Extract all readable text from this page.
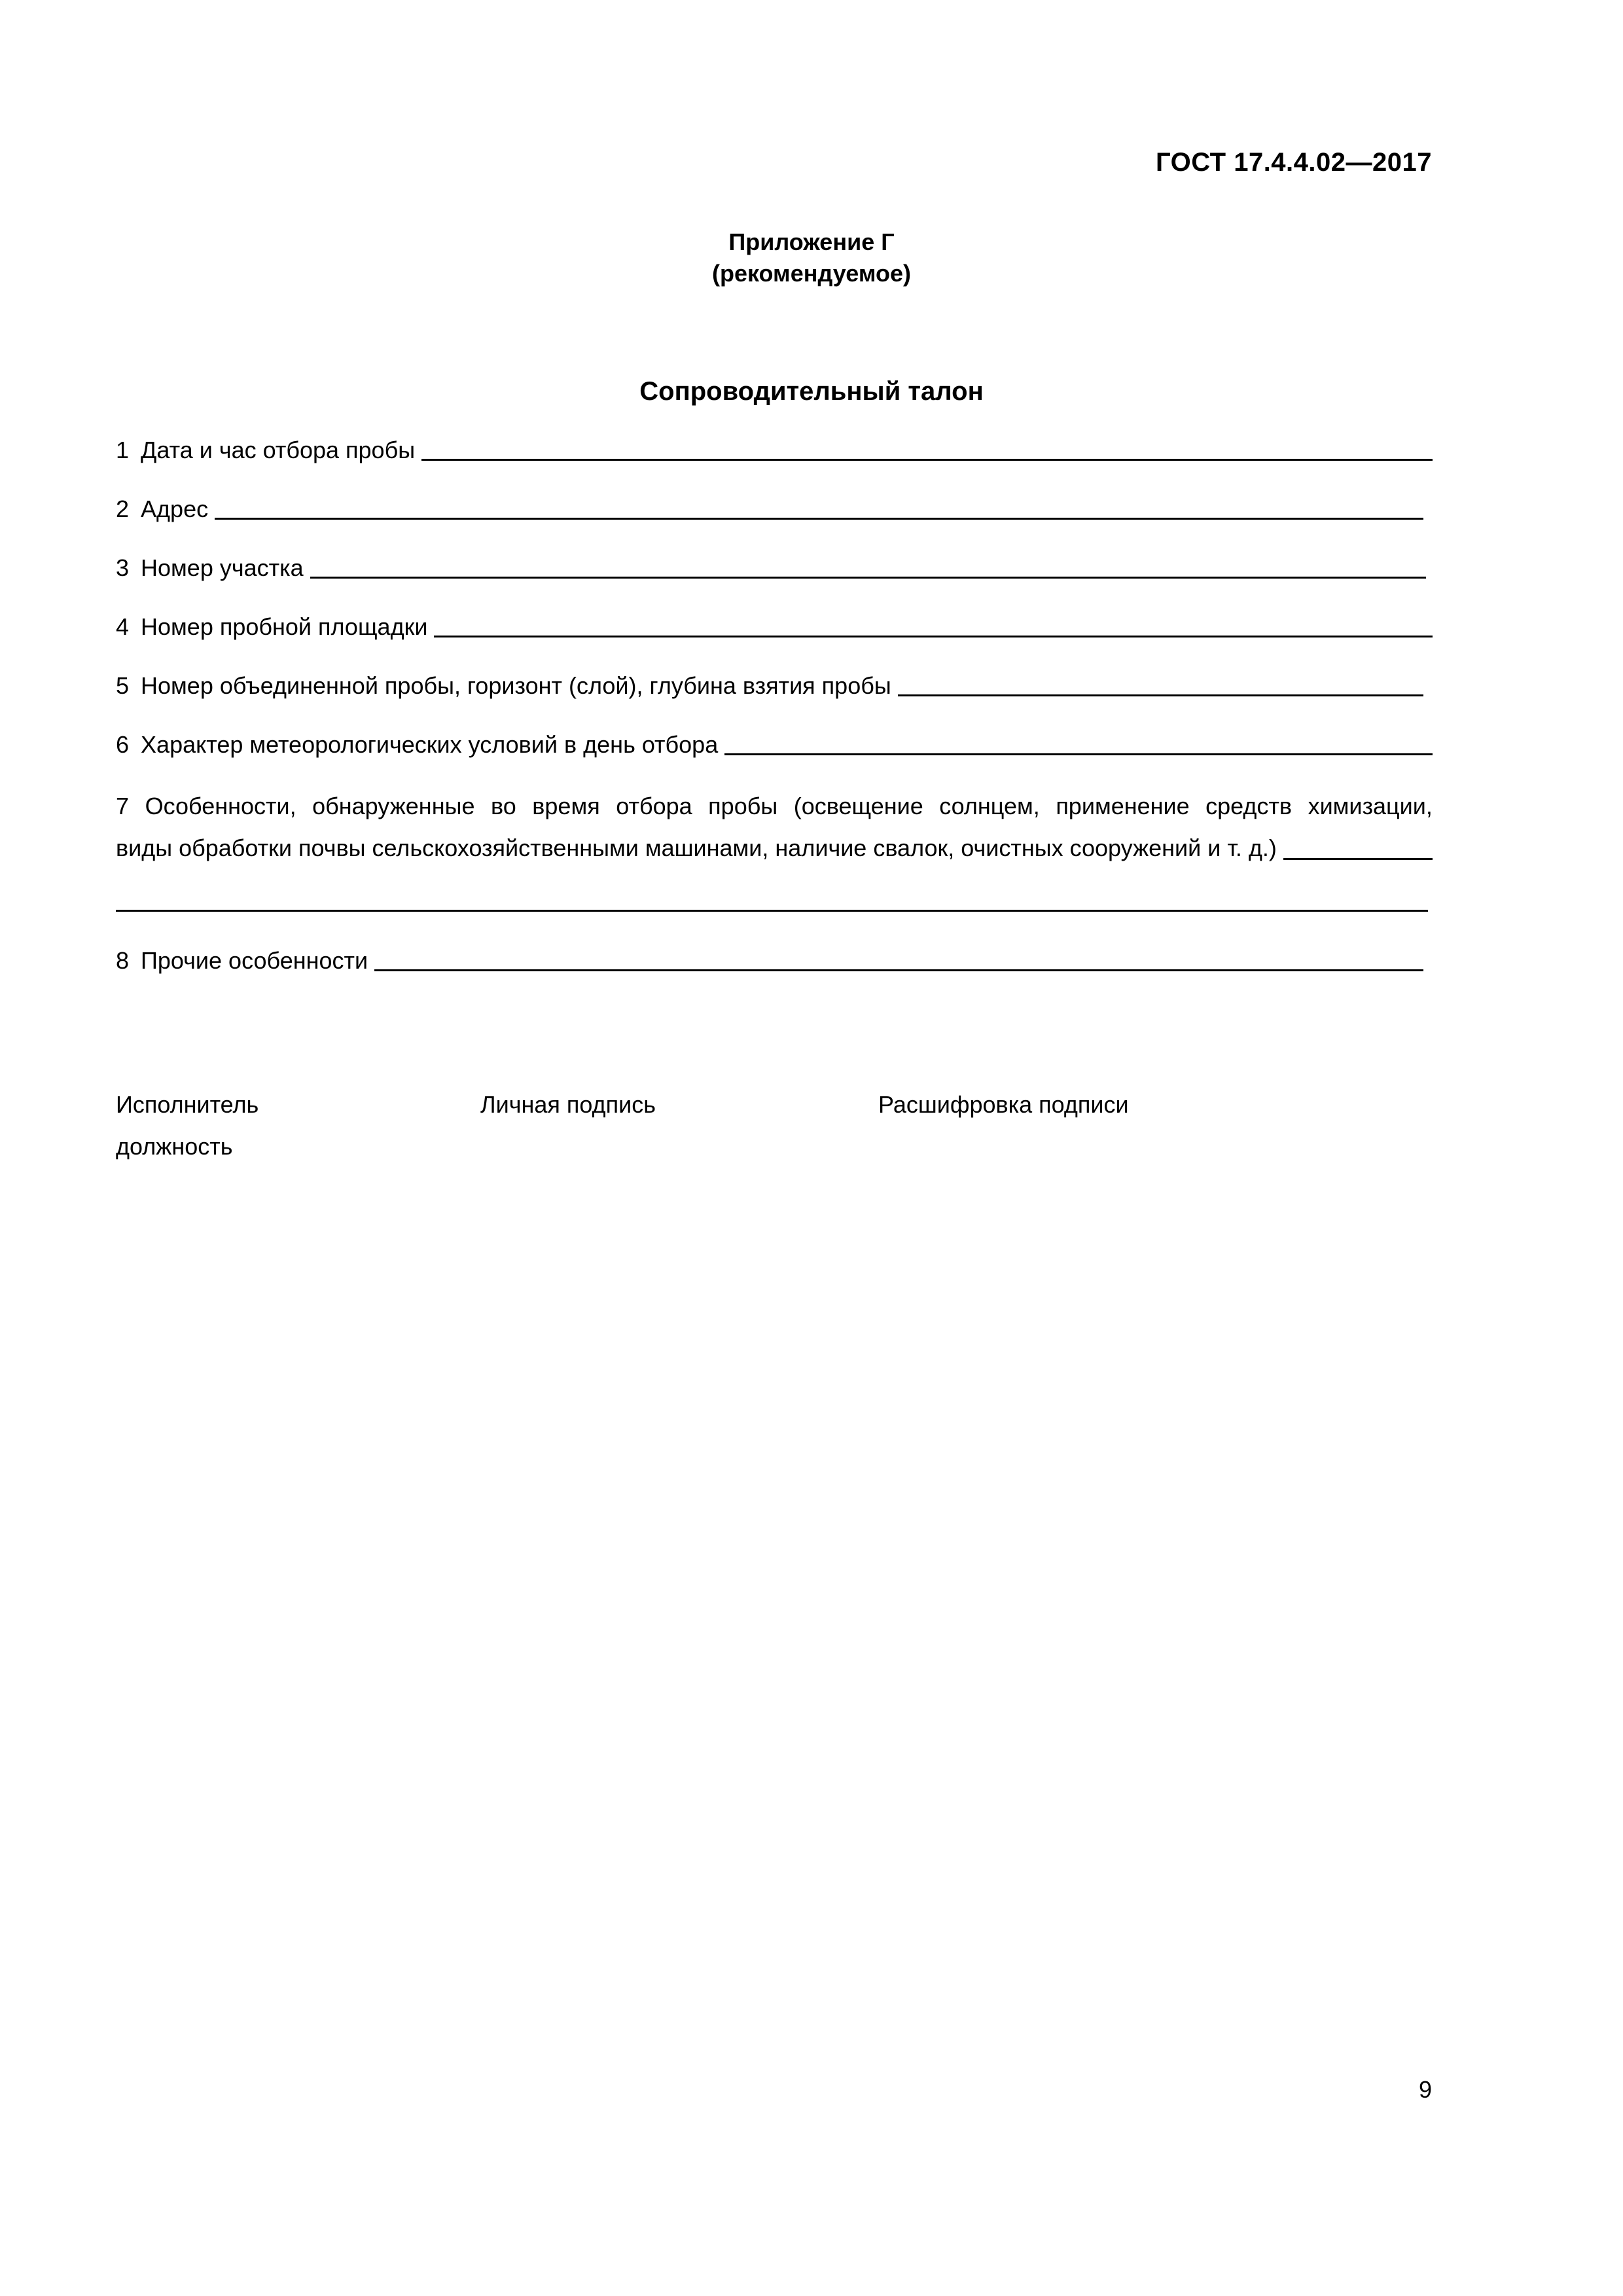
ГОСТ 17.4.4.02—2017
Приложение Г
(рекомендуемое)
Сопроводительный талон
1 Дата и час отбора пробы
2 Адрес
3 Номер участка
4 Номер пробной площадки
5 Номер объединенной пробы, горизонт (слой), глубина взятия пробы
6 Характер метеорологических условий в день отбора
7 Особенности, обнаруженные во время отбора пробы (освещение солнцем, применение средств химизации,
виды обработки почвы сельскохозяйственными машинами, наличие свалок, очистных сооружений и т. д.)
8 Прочие особенности
Исполнитель
должность
Личная подпись	Расшифровка подписи
9
